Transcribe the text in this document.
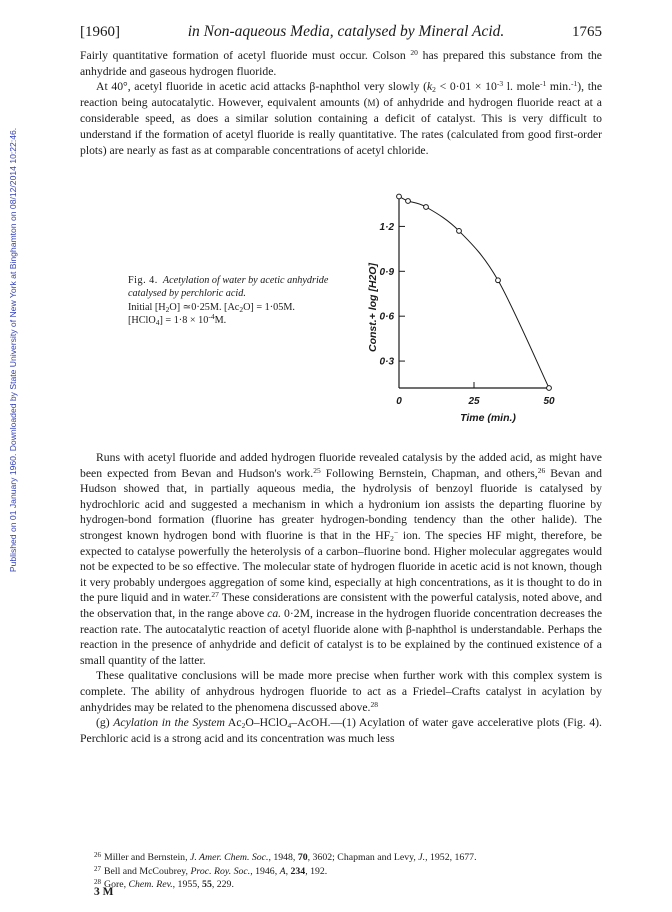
Published on 01 January 1960. Downloaded by State University of New York at Binghamton on 08/12/2014 10:22:46.
[1960]	in Non-aqueous Media, catalysed by Mineral Acid.	1765

Fairly quantitative formation of acetyl fluoride must occur. Colson $^{20}$ has prepared this substance from the anhydride and gaseous hydrogen fluoride.

At 40°, acetyl fluoride in acetic acid attacks β-naphthol very slowly ($k_2 < 0\cdot 01 \times 10^{-3}$ l. mole$^{-1}$ min.$^{-1}$), the reaction being autocatalytic. However, equivalent amounts (M) of anhydride and hydrogen fluoride react at a considerable speed, as does a similar solution containing a deficit of catalyst. This is very difficult to understand if the formation of acetyl fluoride is really quantitative. The rates (calculated from good first-order plots) are nearly as fast as at comparable concentrations of acetyl chloride.

Fig. 4. Acetylation of water by acetic anhydride catalysed by perchloric acid.
Initial $[H_2O]$ ≃0·25M. $[Ac_2O] = 1\cdot 05M$.
[HClO$_4$] = $1\cdot 8 \times 10^{-4}M$.
0·3
0·6
0·9
1·2
0	25	50
Time (min.)
Const.+ log [H2O]

Runs with acetyl fluoride and added hydrogen fluoride revealed catalysis by the added acid, as might have been expected from Bevan and Hudson's work.$^{25}$ Following Bernstein, Chapman, and others,$^{26}$ Bevan and Hudson showed that, in partially aqueous media, the hydrolysis of benzoyl fluoride is catalysed by hydrochloric acid and suggested a mechanism in which a hydronium ion assists the departing fluorine by hydrogen-bond formation (fluorine has greater hydrogen-bonding tendency than the other halide). The strongest known hydrogen bond with fluorine is that in the $HF_2^-$ ion. The species HF might, therefore, be expected to catalyse powerfully the heterolysis of a carbon–fluorine bond. Higher molecular aggregates would not be expected to be so effective. The molecular state of hydrogen fluoride in acetic acid is not known, though it very probably undergoes aggregation of some kind, especially at high concentrations, as it is thought to do in the pure liquid and in water.$^{27}$ These considerations are consistent with the powerful catalysis, noted above, and the observation that, in the range above ca. 0·2M, increase in the hydrogen fluoride concentration decreases the reaction rate. The autocatalytic reaction of acetyl fluoride alone with β-naphthol is understandable. Perhaps the reaction in the presence of anhydride and deficit of catalyst is to be explained by the continued existence of a small quantity of the latter.

These qualitative conclusions will be made more precise when further work with this complex system is complete. The ability of anhydrous hydrogen fluoride to act as a Friedel–Crafts catalyst in acylation by anhydrides may be related to the phenomena discussed above.$^{28}$

(g) Acylation in the System $Ac_2O-HClO_4-AcOH.—(1)$ Acylation of water gave accelerative plots (Fig. 4). Perchloric acid is a strong acid and its concentration was much less

$^{26}$ Miller and Bernstein, J. Amer. Chem. Soc., 1948, 70, 3602; Chapman and Levy, J., 1952, 1677.
$^{27}$ Bell and McCoubrey, Proc. Roy. Soc., 1946, A, 234, 192.
$^{28}$ Gore, Chem. Rev., 1955, 55, 229.
3 M
